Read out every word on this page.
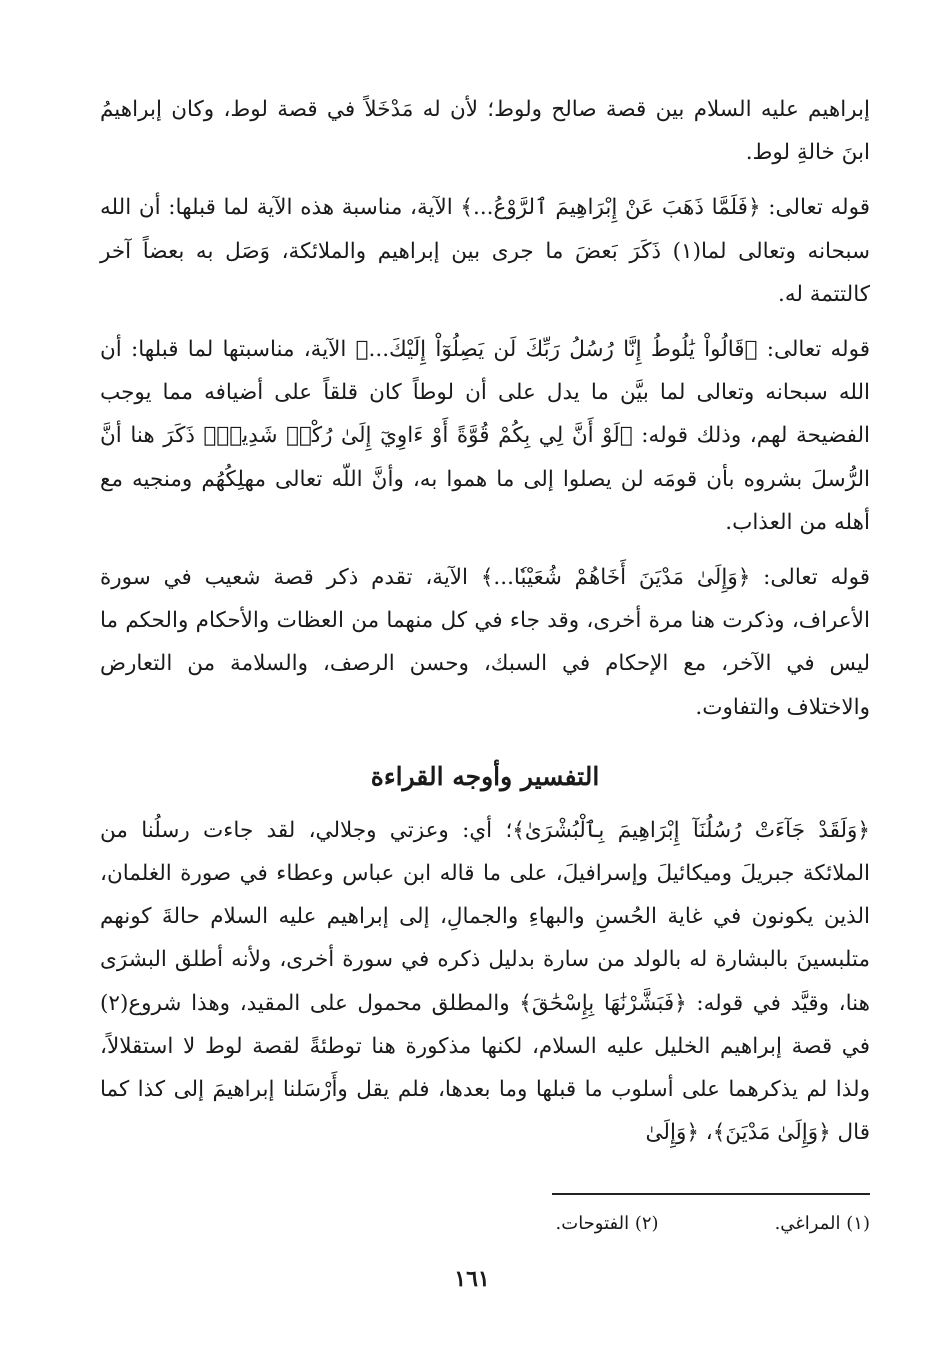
إبراهيم عليه السلام بين قصة صالح ولوط؛ لأن له مَدْخَلاً في قصة لوط، وكان إبراهيمُ ابنَ خالةِ لوط.

قوله تعالى: ﴿فَلَمَّا ذَهَبَ عَنْ إِبْرَاهِيمَ ٱلرَّوْعُ...﴾ الآية، مناسبة هذه الآية لما قبلها: أن الله سبحانه وتعالى لما(١) ذَكَرَ بَعضَ ما جرى بين إبراهيم والملائكة، وَصَل به بعضاً آخر كالتتمة له.

قوله تعالى: ﴿قَالُواْ يَٰلُوطُ إِنَّا رُسُلُ رَبِّكَ لَن يَصِلُوٓاْ إِلَيْكَ...﴾ الآية، مناسبتها لما قبلها: أن الله سبحانه وتعالى لما بيَّن ما يدل على أن لوطاً كان قلقاً على أضيافه مما يوجب الفضيحة لهم، وذلك قوله: ﴿لَوْ أَنَّ لِي بِكُمْ قُوَّةً أَوْ ءَاوِيٓ إِلَىٰ رُكْنٖ شَدِيدٖ﴾ ذَكَرَ هنا أنَّ الرُّسلَ بشروه بأن قومَه لن يصلوا إلى ما هموا به، وأنَّ اللّه تعالى مهلِكُهُم ومنجيه مع أهله من العذاب.

قوله تعالى: ﴿وَإِلَىٰ مَدْيَنَ أَخَاهُمْ شُعَيْبٗا...﴾ الآية، تقدم ذكر قصة شعيب في سورة الأعراف، وذكرت هنا مرة أخرى، وقد جاء في كل منهما من العظات والأحكام والحكم ما ليس في الآخر، مع الإحكام في السبك، وحسن الرصف، والسلامة من التعارض والاختلاف والتفاوت.

التفسير وأوجه القراءة

﴿وَلَقَدْ جَآءَتْ رُسُلُنَآ إِبْرَاهِيمَ بِٱلْبُشْرَىٰ﴾؛ أي: وعزتي وجلالي، لقد جاءت رسلُنا من الملائكة جبريلَ وميكائيلَ وإسرافيلَ، على ما قاله ابن عباس وعطاء في صورة الغلمان، الذين يكونون في غاية الحُسنِ والبهاءِ والجمالِ، إلى إبراهيم عليه السلام حالةَ كونهم متلبسينَ بالبشارة له بالولد من سارة بدليل ذكره في سورة أخرى، ولأنه أطلق البشرَى هنا، وقيَّد في قوله: ﴿فَبَشَّرْنَٰهَا بِإِسْحَٰقَ﴾ والمطلق محمول على المقيد، وهذا شروع(٢) في قصة إبراهيم الخليل عليه السلام، لكنها مذكورة هنا توطئةً لقصة لوط لا استقلالاً، ولذا لم يذكرهما على أسلوب ما قبلها وما بعدها، فلم يقل وأَرْسَلنا إبراهيمَ إلى كذا كما قال ﴿وَإِلَىٰ مَدْيَنَ﴾، ﴿وَإِلَىٰ

(١) المراغي.
(٢) الفتوحات.
١٦١
